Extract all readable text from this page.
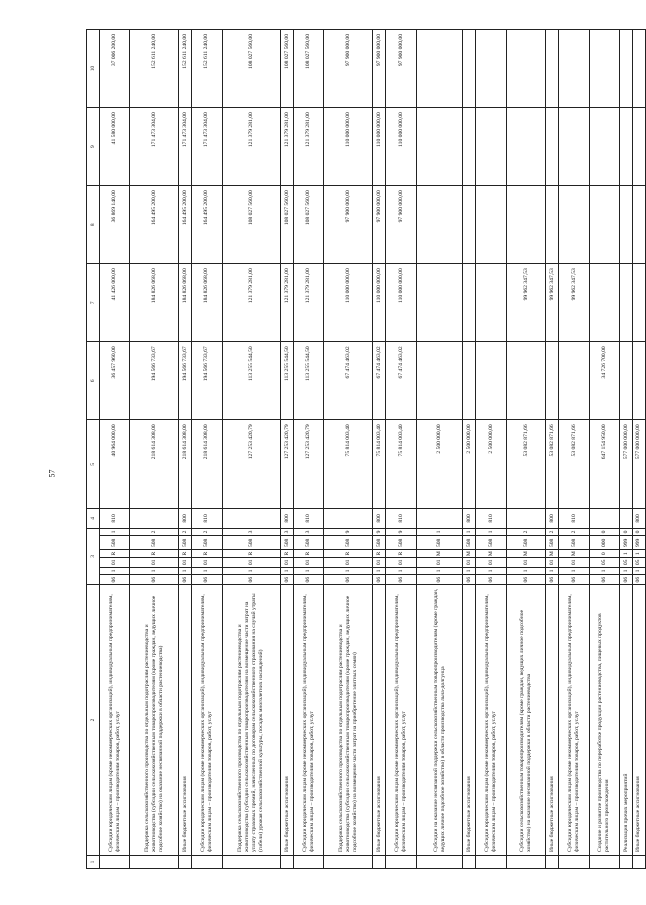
57
1	2	3						4	5	6	7	8	9	10
	Субсидии юридическим лицам (кроме некоммерческих организаций), индивидуальным предпринимателям, физическим лицам – производителям товаров, работ, услуг	06	1	01	R	508	1	810	40 964 000,00	36 457 960,00	41 426 000,00	36 869 140,00	41 580 000,00	37 006 200,00
	Поддержка сельскохозяйственного производства по отдельным подотраслям растениеводства и животноводства (субсидии сельскохозяйственным товаропроизводителям (кроме граждан, ведущих личное подсобное хозяйство) на оказание несвязанной поддержки в области растениеводства)	06	1	01	R	508	2		218 614 308,00	194 566 733,67	184 826 068,00	164 495 200,00	171 473 304,00	152 611 240,00
	Иные бюджетные ассигнования	06	1	01	R	508	2	800	218 614 308,00	194 566 733,67	184 826 068,00	164 495 200,00	171 473 304,00	152 611 240,00
	Субсидии юридическим лицам (кроме некоммерческих организаций), индивидуальным предпринимателям, физическим лицам – производителям товаров, работ, услуг	06	1	01	R	508	2	810	218 614 308,00	194 566 733,67	184 826 068,00	164 495 200,00	171 473 304,00	152 611 240,00
	Поддержка сельскохозяйственного производства по отдельным подотраслям растениеводства и животноводства (субсидии сельскохозяйственным товаропроизводителям на возмещение части затрат на уплату страховых премий, начисленных по договорам сельскохозяйственного страхования на случай утраты (гибели) урожая сельскохозяйственной культуры, посадок многолетних насаждений)	06	1	01	R	508	3		127 253 420,79	113 255 544,50	121 379 281,00	108 027 560,00	121 379 281,00	108 027 560,00
	Иные бюджетные ассигнования	06	1	01	R	508	3	800	127 253 420,79	113 255 544,50	121 379 281,00	108 027 560,00	121 379 281,00	108 027 560,00
	Субсидии юридическим лицам (кроме некоммерческих организаций), индивидуальным предпринимателям, физическим лицам – производителям товаров, работ, услуг	06	1	01	R	508	3	810	127 253 420,79	113 255 544,50	121 379 281,00	108 027 560,00	121 379 281,00	108 027 560,00
	Поддержка сельскохозяйственного производства по отдельным подотраслям растениеводства и животноводства (субсидии сельскохозяйственным товаропроизводителям (кроме граждан, ведущих личное подсобное хозяйство) на возмещение части затрат на приобретение элитных семян)	06	1	01	R	508	9		75 814 003,40	67 474 463,02	110 000 000,00	97 900 000,00	110 000 000,00	97 900 000,00
	Иные бюджетные ассигнования	06	1	01	R	508	9	800	75 814 003,40	67 474 463,02	110 000 000,00	97 900 000,00	110 000 000,00	97 900 000,00
	Субсидии юридическим лицам (кроме некоммерческих организаций), индивидуальным предпринимателям, физическим лицам – производителям товаров, работ, услуг	06	1	01	R	508	9	810	75 814 003,40	67 474 463,02	110 000 000,00	97 900 000,00	110 000 000,00	97 900 000,00
	Субсидии на оказание несвязанной поддержки сельскохозяйственным товаропроизводителям (кроме граждан, ведущих личное подсобное хозяйство) в области производства льна-долгунца	06	1	01	М	508	1		2 500 000,00					
	Иные бюджетные ассигнования	06	1	01	М	508	1	800	2 500 000,00					
	Субсидии юридическим лицам (кроме некоммерческих организаций), индивидуальным предпринимателям, физическим лицам – производителям товаров, работ, услуг	06	1	01	М	508	1	810	2 500 000,00					
	Субсидии сельскохозяйственным товаропроизводителям (кроме граждан, ведущих личное подсобное хозяйство) на оказание несвязанной поддержки в области растениеводства	06	1	01	М	508	2		53 082 871,66		99 962 347,53			
	Иные бюджетные ассигнования	06	1	01	М	508	2	800	53 082 871,66		99 962 347,53			
	Субсидии юридическим лицам (кроме некоммерческих организаций), индивидуальным предпринимателям, физическим лицам – производителям товаров, работ, услуг	06	1	01	М	508	2	810	53 082 871,66		99 962 347,53			
	Создание и развитие производства по переработке продукции растениеводства, пищевых продуктов растительного происхождения	06	1	05	0	000	0		647 154 950,00	34 726 700,00				
	Реализация прочих мероприятий	06	1	05	1	999	0		577 000 000,00					
	Иные бюджетные ассигнования	06	1	05	1	999	0	800	577 000 000,00					
